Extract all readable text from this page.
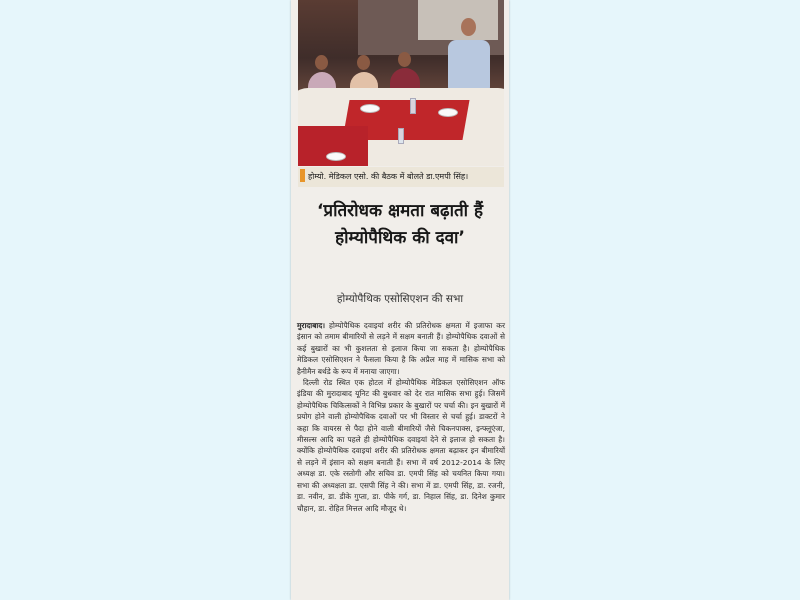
होम्यो. मेडिकल एसो. की बैठक में बोलते डा.एमपी सिंह।
‘प्रतिरोधक क्षमता बढ़ाती हैं होम्योपैथिक की दवा’
होम्योपैथिक एसोसिएशन की सभा

मुरादाबाद। होम्योपैथिक दवाइयां शरीर की प्रतिरोधक क्षमता में इजाफा कर इंसान को तमाम बीमारियों से लड़ने में सक्षम बनाती हैं। होम्योपैथिक दवाओं से कई बुखारों का भी कुशलता से इलाज किया जा सकता है। होम्योपैथिक मेडिकल एसोसिएशन ने फैसला किया है कि अप्रैल माह में मासिक सभा को हैनीमैन बर्थडे के रूप में मनाया जाएगा।

दिल्ली रोड स्थित एक होटल में होम्योपैथिक मेडिकल एसोसिएशन ऑफ इंडिया की मुरादाबाद यूनिट की बुधवार को देर रात मासिक सभा हुई। जिसमें होम्योपैथिक चिकित्सकों ने विभिन्न प्रकार के बुखारों पर चर्चा की। इन बुखारों में प्रयोग होने वाली होम्योपैथिक दवाओं पर भी विस्तार से चर्चा हुई। डाक्टरों ने कहा कि वायरस से पैदा होने वाली बीमारियों जैसे चिकनपाक्स, इन्फ्लूएंजा, मीसल्स आदि का पहले ही होम्योपैथिक दवाइयां देने से इलाज हो सकता है। क्योंकि होम्योपैथिक दवाइयां शरीर की प्रतिरोधक क्षमता बढ़ाकर इन बीमारियों से लड़ने में इंसान को सक्षम बनाती हैं। सभा में वर्ष 2012-2014 के लिए अध्यक्ष डा. एके रस्तोगी और सचिव डा. एमपी सिंह को चयनित किया गया। सभा की अध्यक्षता डा. एसपी सिंह ने की। सभा में डा. एमपी सिंह, डा. रजनी, डा. नवीन, डा. डीके गुप्ता, डा. पीके गर्ग, डा. निहाल सिंह, डा. दिनेश कुमार चौहान, डा. रोहित मित्तल आदि मौजूद थे।
